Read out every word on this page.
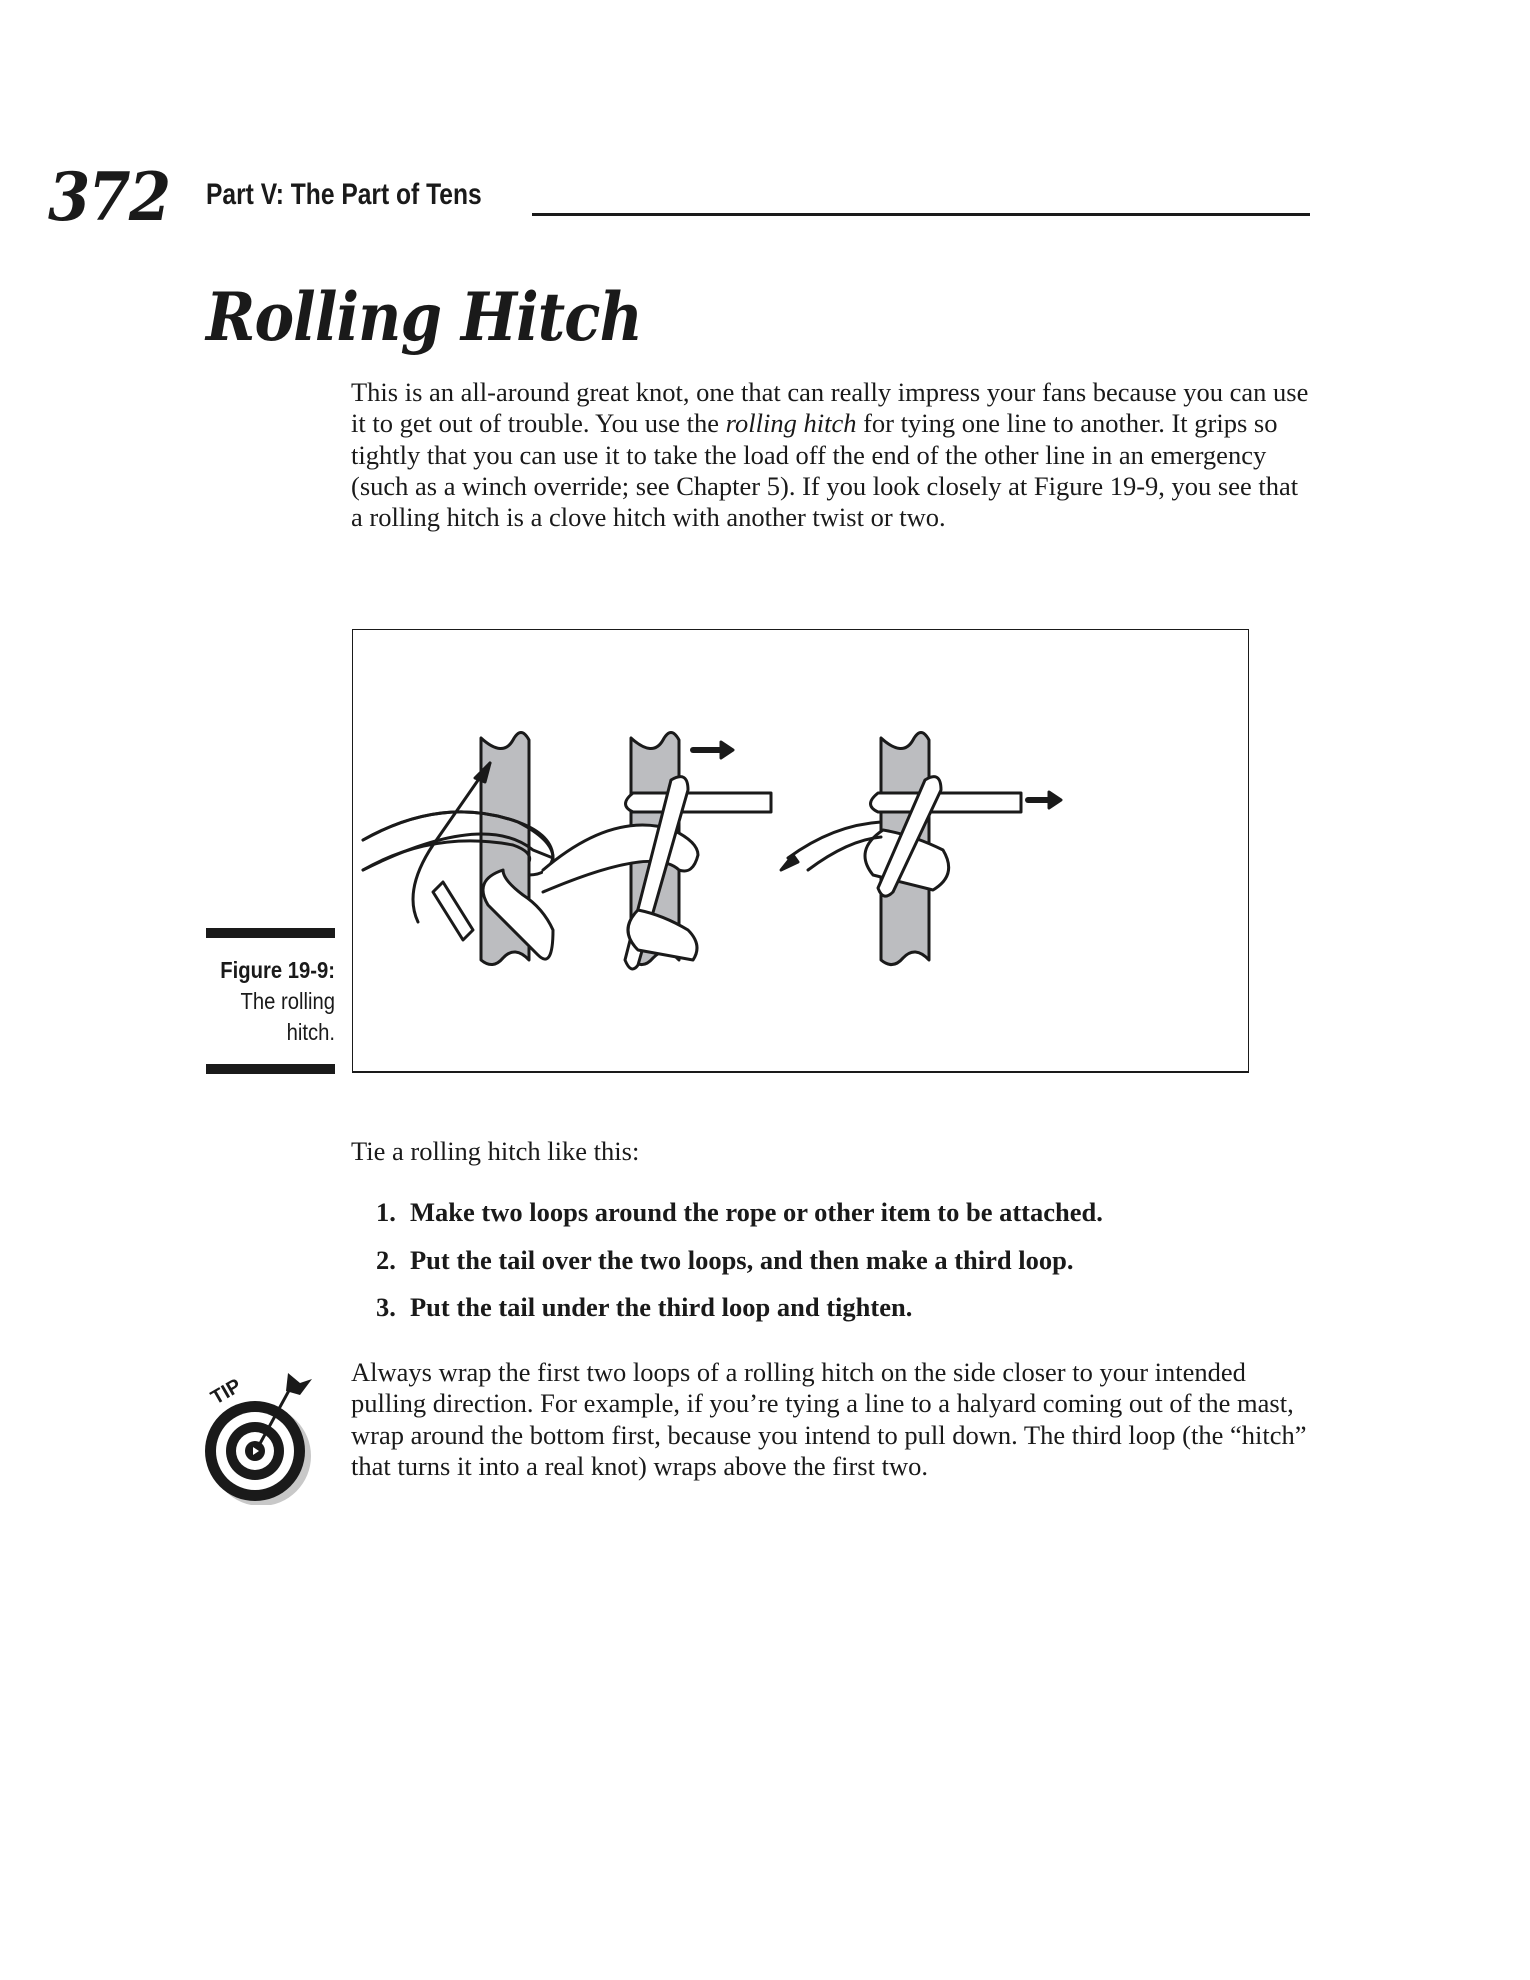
372 Part V: The Part of Tens
Rolling Hitch

This is an all-around great knot, one that can really impress your fans because you can use it to get out of trouble. You use the rolling hitch for tying one line to another. It grips so tightly that you can use it to take the load off the end of the other line in an emergency (such as a winch override; see Chapter 5). If you look closely at Figure 19-9, you see that a rolling hitch is a clove hitch with another twist or two.

Figure 19-9:
The rolling hitch.
Tie a rolling hitch like this:
1. Make two loops around the rope or other item to be attached.
2. Put the tail over the two loops, and then make a third loop.
3. Put the tail under the third loop and tighten.
TIP

Always wrap the first two loops of a rolling hitch on the side closer to your intended pulling direction. For example, if you’re tying a line to a halyard coming out of the mast, wrap around the bottom first, because you intend to pull down. The third loop (the “hitch” that turns it into a real knot) wraps above the first two.
